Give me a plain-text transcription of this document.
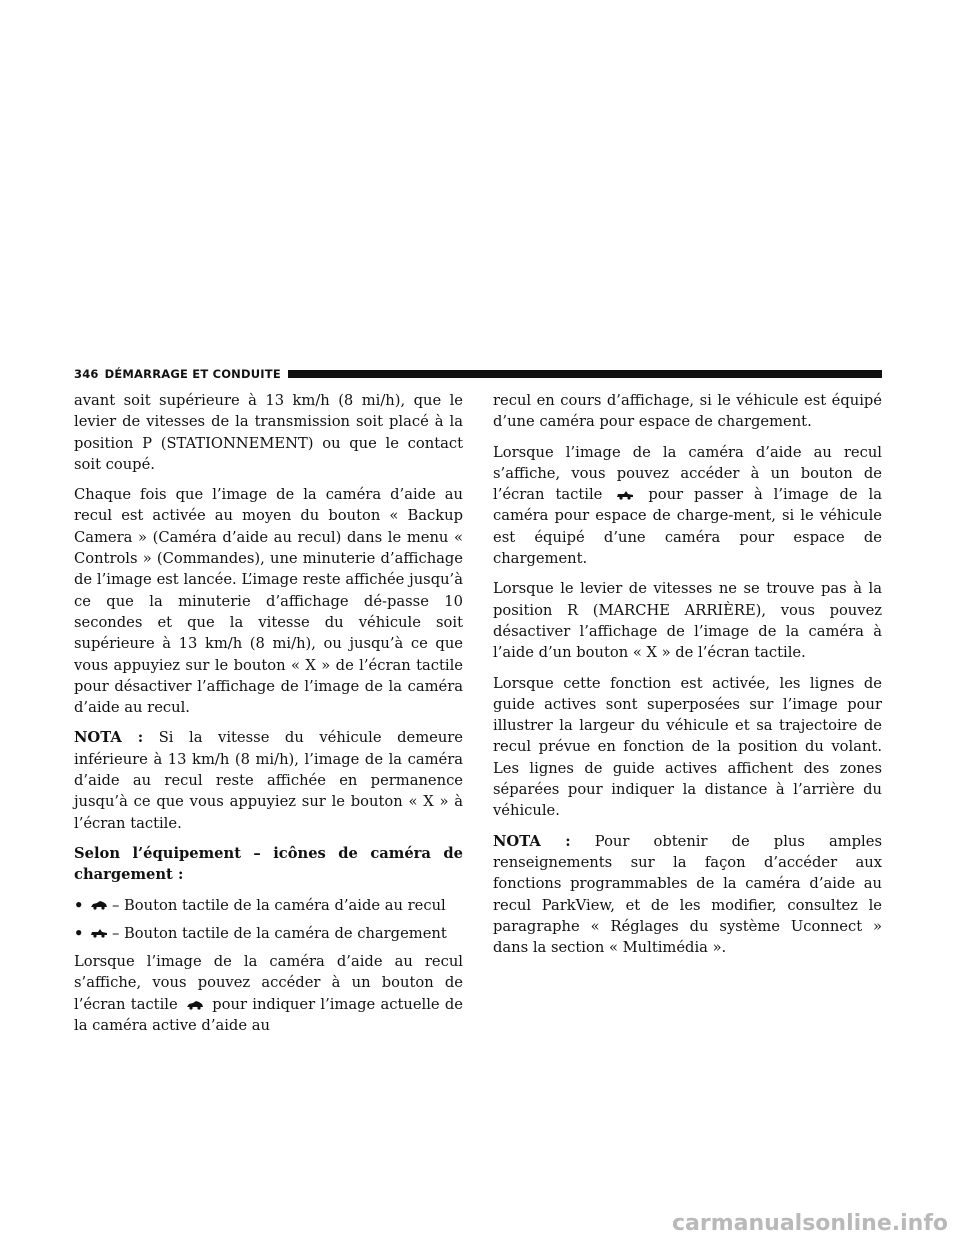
346 DÉMARRAGE ET CONDUITE

avant soit supérieure à 13 km/h (8 mi/h), que le levier de vitesses de la transmission soit placé à la position P (STATIONNEMENT) ou que le contact soit coupé.

Chaque fois que l’image de la caméra d’aide au recul est activée au moyen du bouton « Backup Camera » (Caméra d’aide au recul) dans le menu « Controls » (Commandes), une minuterie d’affichage de l’image est lancée. L’image reste affichée jusqu’à ce que la minuterie d’affichage dé-passe 10 secondes et que la vitesse du véhicule soit supérieure à 13 km/h (8 mi/h), ou jusqu’à ce que vous appuyiez sur le bouton « X » de l’écran tactile pour désactiver l’affichage de l’image de la caméra d’aide au recul.

NOTA : Si la vitesse du véhicule demeure inférieure à 13 km/h (8 mi/h), l’image de la caméra d’aide au recul reste affichée en permanence jusqu’à ce que vous appuyiez sur le bouton « X » à l’écran tactile.

Selon l’équipement – icônes de caméra de chargement :

•	– Bouton tactile de la caméra d’aide au recul
•	– Bouton tactile de la caméra de chargement

Lorsque l’image de la caméra d’aide au recul s’affiche, vous pouvez accéder à un bouton de l’écran tactile pour indiquer l’image actuelle de la caméra active d’aide au

recul en cours d’affichage, si le véhicule est équipé d’une caméra pour espace de chargement.

Lorsque l’image de la caméra d’aide au recul s’affiche, vous pouvez accéder à un bouton de l’écran tactile	pour passer à l’image de la caméra pour espace de charge-ment, si le véhicule est équipé d’une caméra pour espace de chargement.

Lorsque le levier de vitesses ne se trouve pas à la position R (MARCHE ARRIÈRE), vous pouvez désactiver l’affichage de l’image de la caméra à l’aide d’un bouton « X » de l’écran tactile.

Lorsque cette fonction est activée, les lignes de guide actives sont superposées sur l’image pour illustrer la largeur du véhicule et sa trajectoire de recul prévue en fonction de la position du volant. Les lignes de guide actives affichent des zones séparées pour indiquer la distance à l’arrière du véhicule.

NOTA : Pour obtenir de plus amples renseignements sur la façon d’accéder aux fonctions programmables de la caméra d’aide au recul ParkView, et de les modifier, consultez le paragraphe « Réglages du système Uconnect » dans la section « Multimédia ».

carmanualsonline.info
